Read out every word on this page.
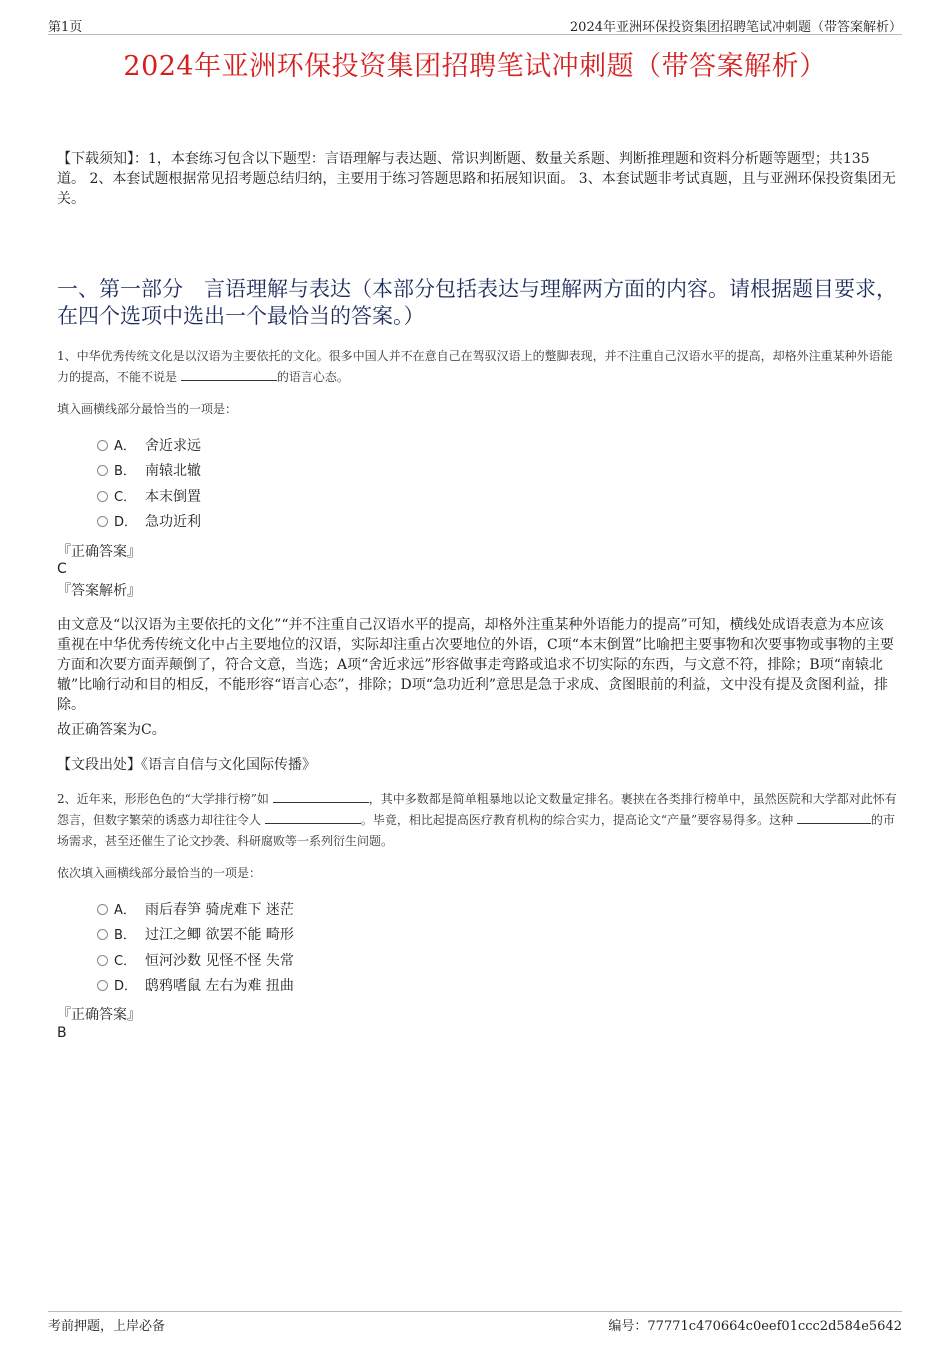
第1页	2024年亚洲环保投资集团招聘笔试冲刺题（带答案解析）
2024年亚洲环保投资集团招聘笔试冲刺题（带答案解析）
【下载须知】：1，本套练习包含以下题型：言语理解与表达题、常识判断题、数量关系题、判断推理题和资料分析题等题型；共135道。 2、本套试题根据常见招考题总结归纳，主要用于练习答题思路和拓展知识面。 3、本套试题非考试真题，且与亚洲环保投资集团无关。
一、第一部分　言语理解与表达（本部分包括表达与理解两方面的内容。请根据题目要求，在四个选项中选出一个最恰当的答案。）
1、中华优秀传统文化是以汉语为主要依托的文化。很多中国人并不在意自己在驾驭汉语上的蹩脚表现，并不注重自己汉语水平的提高，却格外注重某种外语能力的提高，不能不说是	的语言心态。
填入画横线部分最恰当的一项是：
A． 舍近求远
B． 南辕北辙
C． 本末倒置
D． 急功近利
『正确答案』
C
『答案解析』
由文意及“以汉语为主要依托的文化”“并不注重自己汉语水平的提高，却格外注重某种外语能力的提高”可知，横线处成语表意为本应该重视在中华优秀传统文化中占主要地位的汉语，实际却注重占次要地位的外语，C项“本末倒置”比喻把主要事物和次要事物或事物的主要方面和次要方面弄颠倒了，符合文意，当选；A项“舍近求远”形容做事走弯路或追求不切实际的东西，与文意不符，排除；B项“南辕北辙”比喻行动和目的相反，不能形容“语言心态”，排除；D项“急功近利”意思是急于求成、贪图眼前的利益，文中没有提及贪图利益，排除。
故正确答案为C。
【文段出处】《语言自信与文化国际传播》
2、近年来，形形色色的“大学排行榜”如	，其中多数都是简单粗暴地以论文数量定排名。裹挟在各类排行榜单中，虽然医院和大学都对此怀有怨言，但数字繁荣的诱惑力却往往令人	。毕竟，相比起提高医疗教育机构的综合实力，提高论文“产量”要容易得多。这种	的市场需求，甚至还催生了论文抄袭、科研腐败等一系列衍生问题。
依次填入画横线部分最恰当的一项是：
A． 雨后春笋 骑虎难下 迷茫
B． 过江之鲫 欲罢不能 畸形
C． 恒河沙数 见怪不怪 失常
D． 鸱鸦嗜鼠 左右为难 扭曲
『正确答案』
B
考前押题，上岸必备	编号：77771c470664c0eef01ccc2d584e5642
